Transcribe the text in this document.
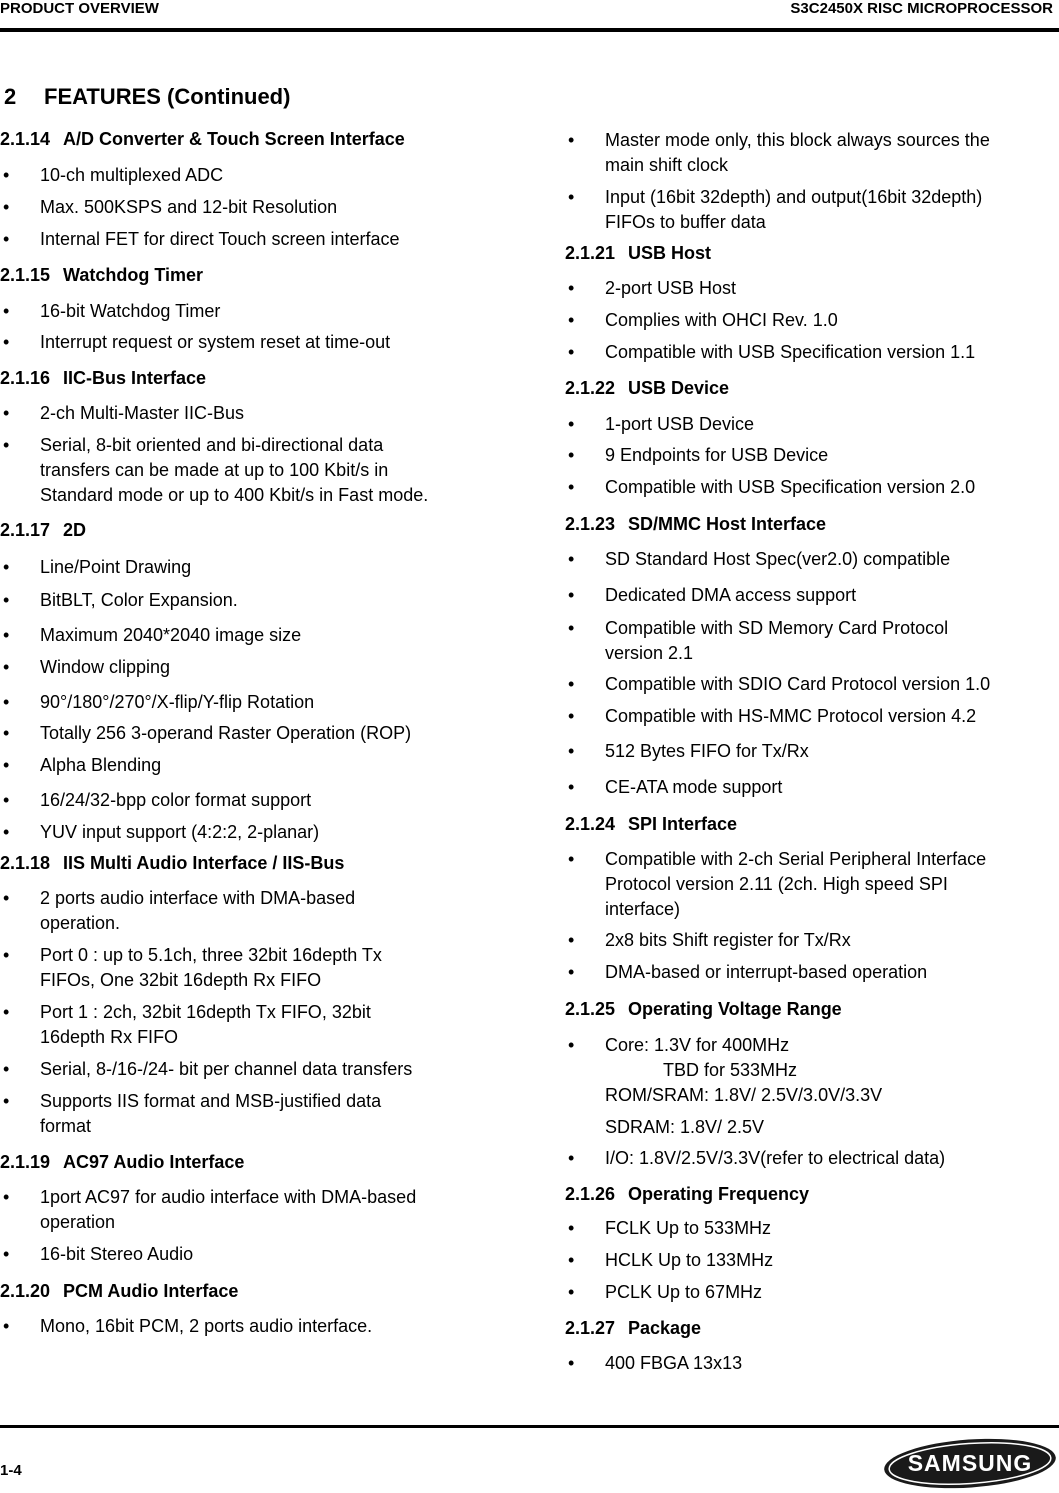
PRODUCT OVERVIEW	S3C2450X RISC MICROPROCESSOR
2 FEATURES (Continued)
2.1.14 A/D Converter & Touch Screen Interface
•	10-ch multiplexed ADC
•	Max. 500KSPS and 12-bit Resolution
•	Internal FET for direct Touch screen interface
2.1.15 Watchdog Timer
•	16-bit Watchdog Timer
•	Interrupt request or system reset at time-out
2.1.16 IIC-Bus Interface
•	2-ch Multi-Master IIC-Bus
•	Serial, 8-bit oriented and bi-directional data
transfers can be made at up to 100 Kbit/s in
Standard mode or up to 400 Kbit/s in Fast mode.
2.1.17 2D
•	Line/Point Drawing
•	BitBLT, Color Expansion.
•	Maximum 2040*2040 image size
•	Window clipping
•	90°/180°/270°/X-flip/Y-flip Rotation
•	Totally 256 3-operand Raster Operation (ROP)
•	Alpha Blending
•	16/24/32-bpp color format support
•	YUV input support (4:2:2, 2-planar)
2.1.18 IIS Multi Audio Interface / IIS-Bus
•	2 ports audio interface with DMA-based
operation.
•	Port 0 : up to 5.1ch, three 32bit 16depth Tx
FIFOs, One 32bit 16depth Rx FIFO
•	Port 1 : 2ch, 32bit 16depth Tx FIFO, 32bit
16depth Rx FIFO
•	Serial, 8-/16-/24- bit per channel data transfers
•	Supports IIS format and MSB-justified data
format
2.1.19 AC97 Audio Interface
•	1port AC97 for audio interface with DMA-based
operation
•	16-bit Stereo Audio
2.1.20 PCM Audio Interface
•	Mono, 16bit PCM, 2 ports audio interface.
•	Master mode only, this block always sources the
main shift clock
•	Input (16bit 32depth) and output(16bit 32depth)
FIFOs to buffer data
2.1.21 USB Host
•	2-port USB Host
•	Complies with OHCI Rev. 1.0
•	Compatible with USB Specification version 1.1
2.1.22 USB Device
•	1-port USB Device
•	9 Endpoints for USB Device
•	Compatible with USB Specification version 2.0
2.1.23 SD/MMC Host Interface
•	SD Standard Host Spec(ver2.0) compatible
•	Dedicated DMA access support
•	Compatible with SD Memory Card Protocol
version 2.1
•	Compatible with SDIO Card Protocol version 1.0
•	Compatible with HS-MMC Protocol version 4.2
•	512 Bytes FIFO for Tx/Rx
•	CE-ATA mode support
2.1.24 SPI Interface
•	Compatible with 2-ch Serial Peripheral Interface
Protocol version 2.11 (2ch. High speed SPI
interface)
•	2x8 bits Shift register for Tx/Rx
•	DMA-based or interrupt-based operation
2.1.25 Operating Voltage Range
•	Core: 1.3V for 400MHz
TBD for 533MHz
ROM/SRAM: 1.8V/ 2.5V/3.0V/3.3V
SDRAM: 1.8V/ 2.5V
•	I/O: 1.8V/2.5V/3.3V(refer to electrical data)
2.1.26 Operating Frequency
•	FCLK Up to 533MHz
•	HCLK Up to 133MHz
•	PCLK Up to 67MHz
2.1.27 Package
•	400 FBGA 13x13
1-4	SAMSUNG
